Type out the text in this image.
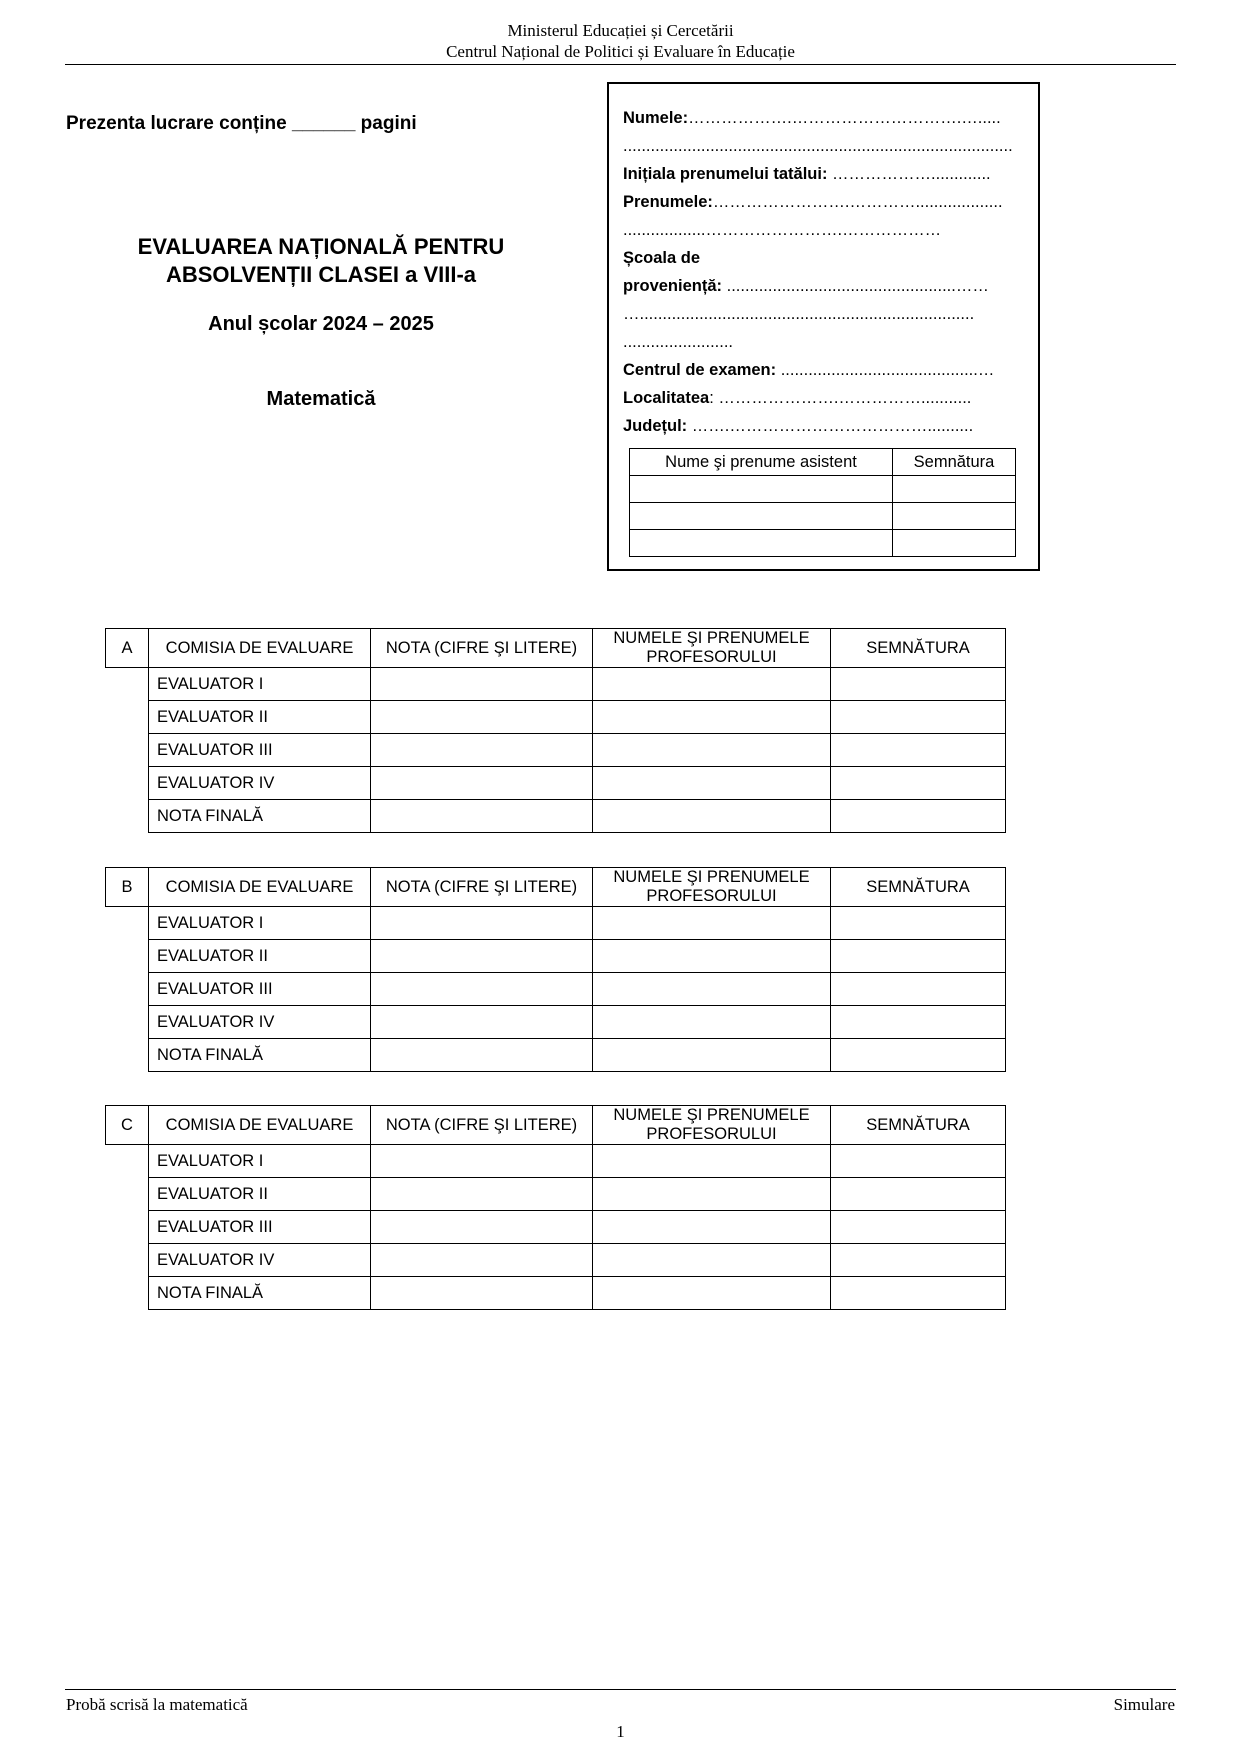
Ministerul Educației și Cercetării
Centrul Național de Politici și Evaluare în Educație
Prezenta lucrare conține ______ pagini
EVALUAREA NAȚIONALĂ PENTRU
ABSOLVENȚII CLASEI a VIII-a
Anul școlar 2024 – 2025
Matematică
Numele:……………….………………………….….....
.....................................................................................
Inițiala prenumelui tatălui: ……………….............
Prenumele:…………………….…………...................
..................…………………….………………
Școala de
proveniență: ..................................................……
….........................................................................
........................
Centrul de examen: ...........................................…
Localitatea: ………………….……………...........
Județul: …….………………………………..........
Nume şi prenume asistent	Semnătura

A	COMISIA DE EVALUARE	NOTA (CIFRE ŞI LITERE)	NUMELE ŞI PRENUMELE PROFESORULUI	SEMNĂTURA
	EVALUATOR I			
	EVALUATOR II			
	EVALUATOR III			
	EVALUATOR IV			
	NOTA FINALĂ			
B	COMISIA DE EVALUARE	NOTA (CIFRE ŞI LITERE)	NUMELE ŞI PRENUMELE PROFESORULUI	SEMNĂTURA
	EVALUATOR I			
	EVALUATOR II			
	EVALUATOR III			
	EVALUATOR IV			
	NOTA FINALĂ			
C	COMISIA DE EVALUARE	NOTA (CIFRE ŞI LITERE)	NUMELE ŞI PRENUMELE PROFESORULUI	SEMNĂTURA
	EVALUATOR I			
	EVALUATOR II			
	EVALUATOR III			
	EVALUATOR IV			
	NOTA FINALĂ			
Probă scrisă la matematică	Simulare
1
